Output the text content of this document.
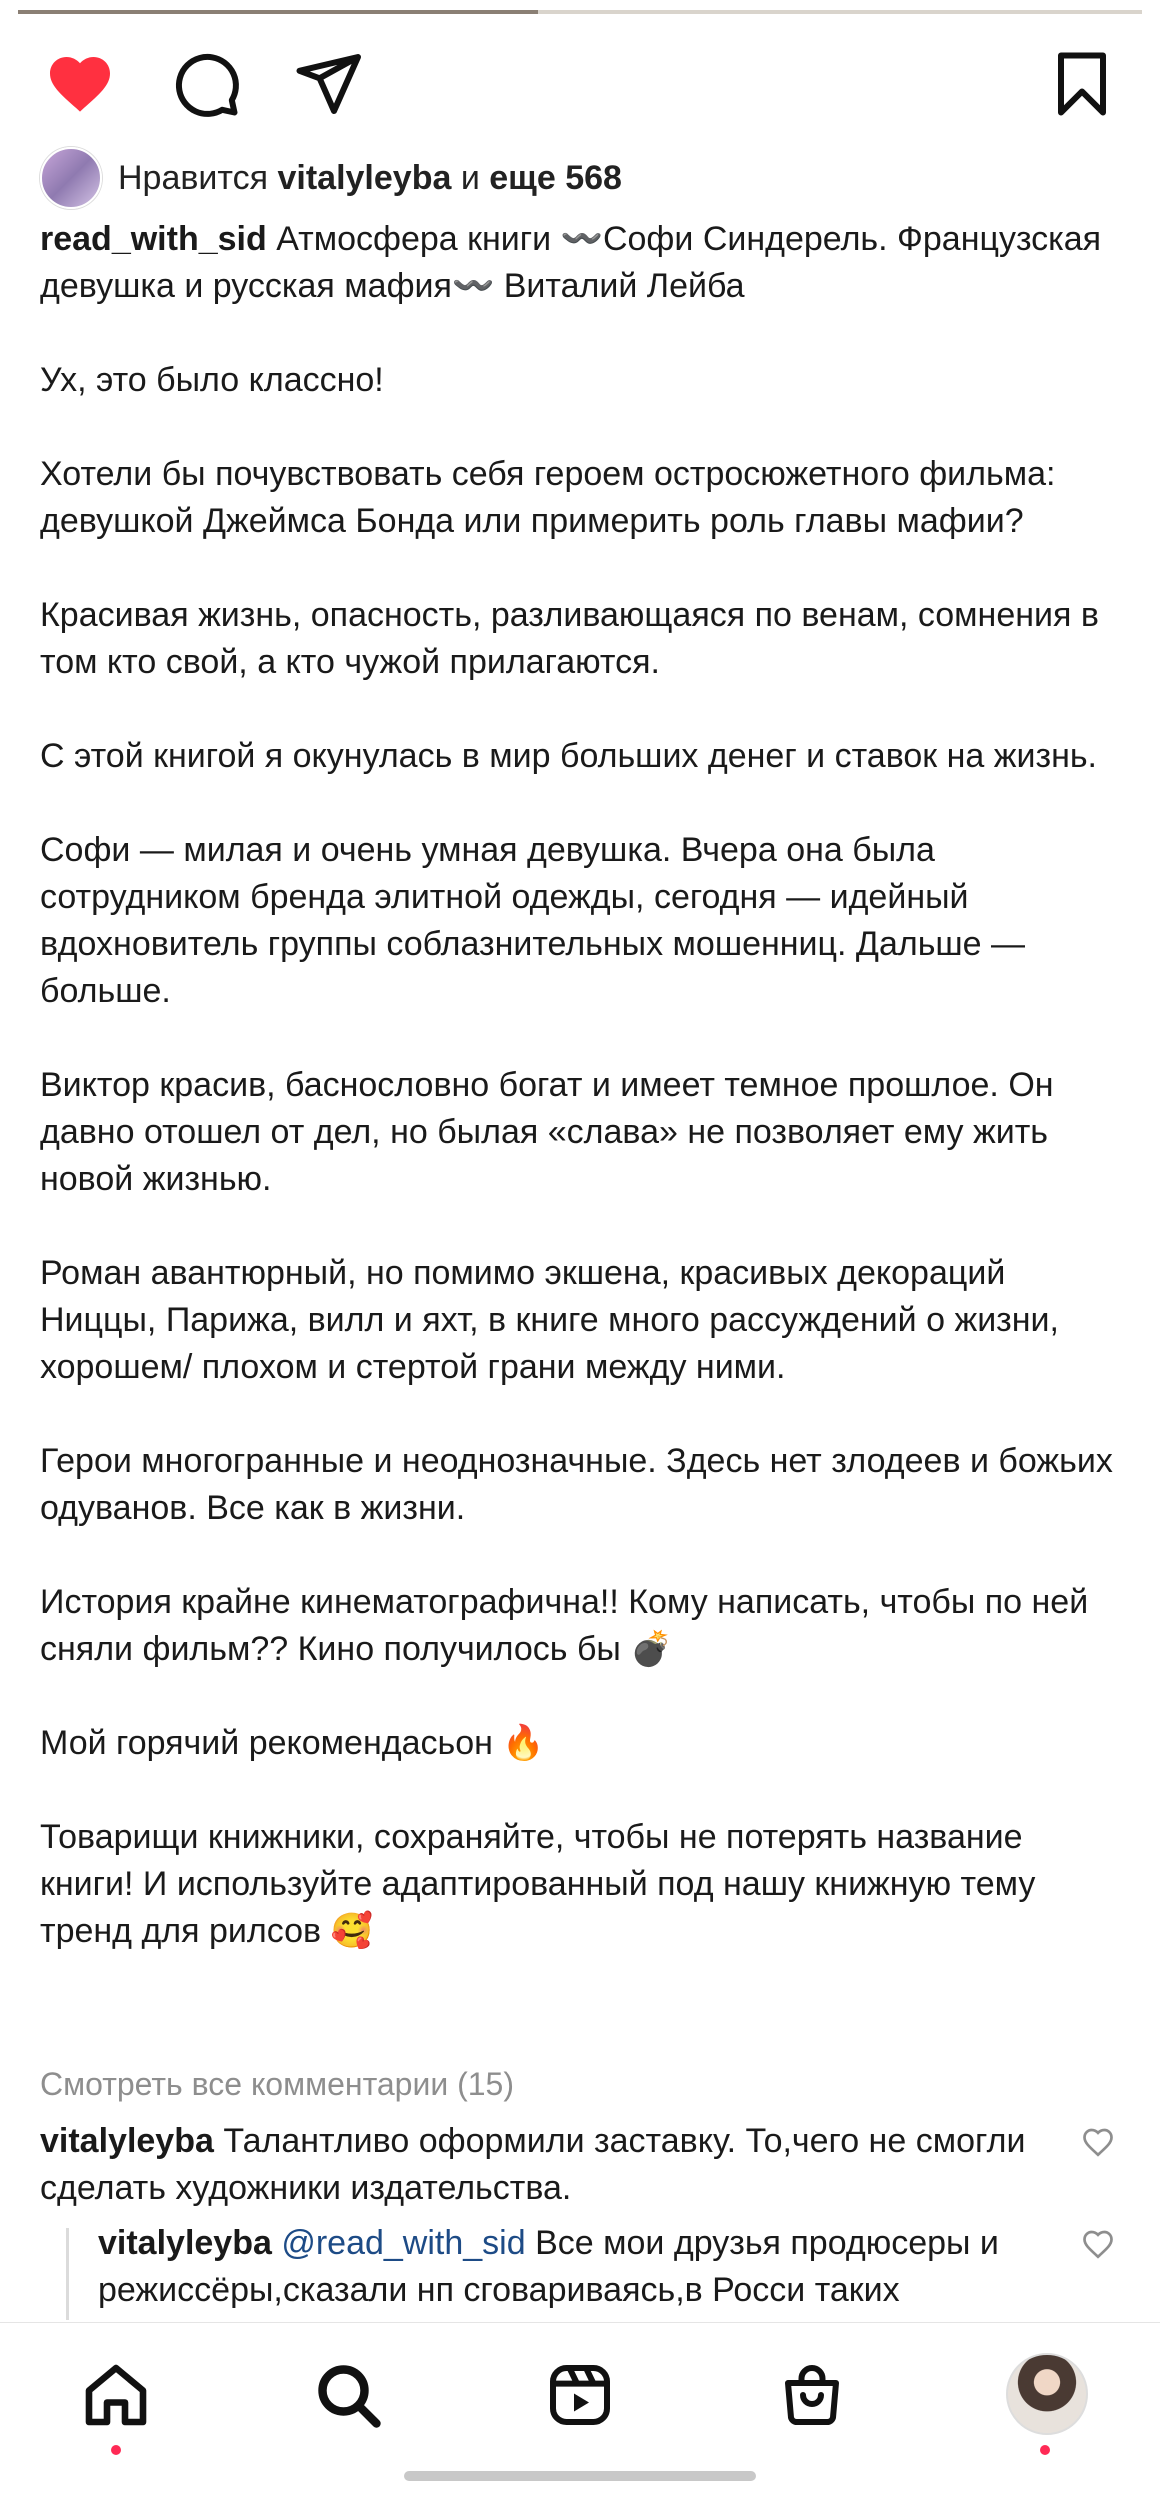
Нравится vitalyleyba и еще 568
read_with_sid Атмосфера книги 〰️Софи Синдерель. Французская девушка и русская мафия〰️ Виталий Лейба

Ух, это было классно!

Хотели бы почувствовать себя героем остросюжетного фильма: девушкой Джеймса Бонда или примерить роль главы мафии?

Красивая жизнь, опасность, разливающаяся по венам, сомнения в том кто свой, а кто чужой прилагаются.

С этой книгой я окунулась в мир больших денег и ставок на жизнь.

Софи — милая и очень умная девушка. Вчера она была сотрудником бренда элитной одежды, сегодня — идейный вдохновитель группы соблазнительных мошенниц. Дальше — больше.

Виктор красив, баснословно богат и имеет темное прошлое. Он давно отошел от дел, но былая «слава» не позволяет ему жить новой жизнью.

Роман авантюрный, но помимо экшена, красивых декораций Ниццы, Парижа, вилл и яхт, в книге много рассуждений о жизни, хорошем/ плохом и стертой грани между ними.

Герои многогранные и неоднозначные. Здесь нет злодеев и божьих одуванов. Все как в жизни.

История крайне кинематографична!! Кому написать, чтобы по ней сняли фильм?? Кино получилось бы 💣

Мой горячий рекомендасьон 🔥

Товарищи книжники, сохраняйте, чтобы не потерять название книги! И используйте адаптированный под нашу книжную тему тренд для рилсов 🥰
Смотреть все комментарии (15)
vitalyleyba Талантливо оформили заставку. То,чего не смогли сделать художники издательства.
vitalyleyba @read_with_sid Все мои друзья продюсеры и режиссёры,сказали нп сговариваясь,в Росси таких
